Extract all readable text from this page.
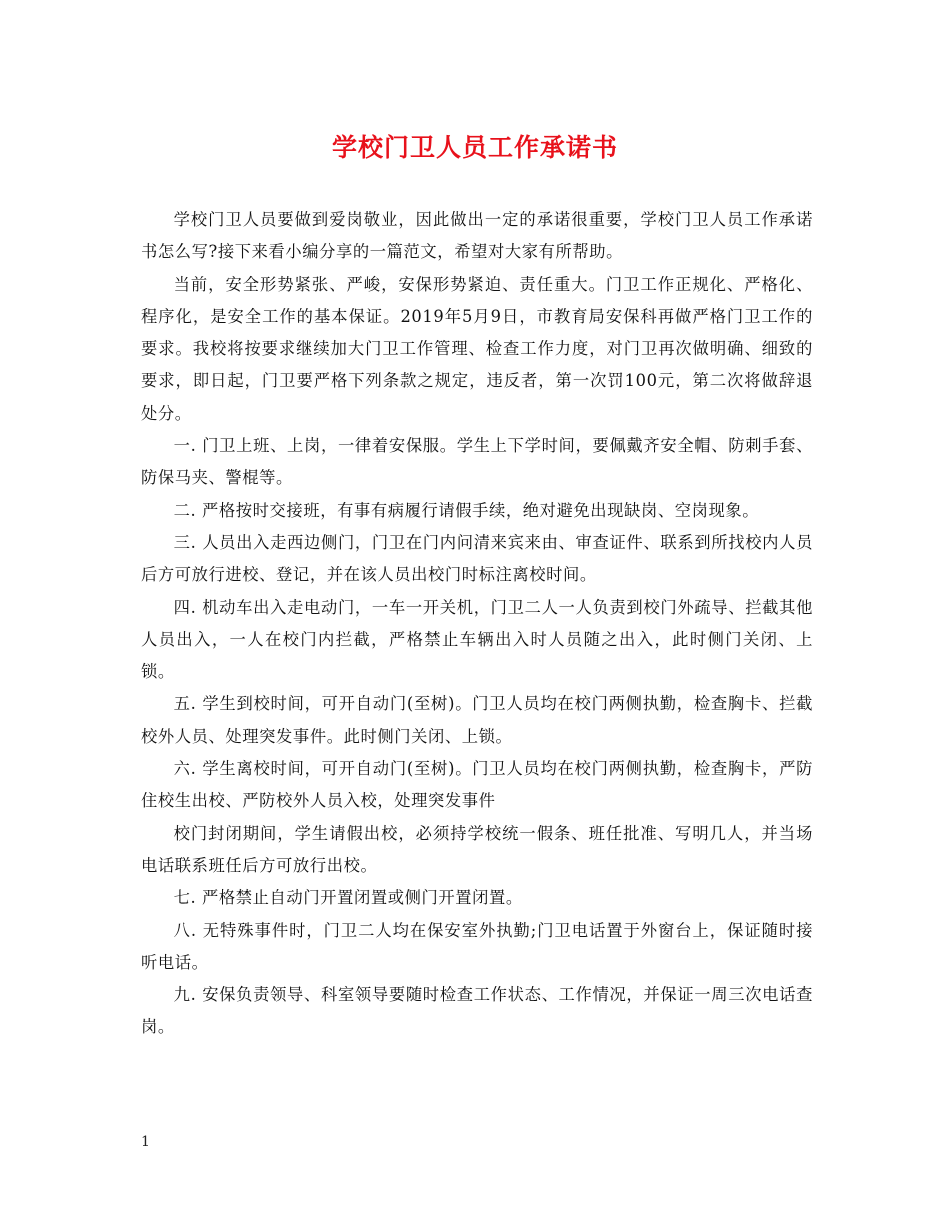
学校门卫人员工作承诺书

学校门卫人员要做到爱岗敬业，因此做出一定的承诺很重要，学校门卫人员工作承诺书怎么写?接下来看小编分享的一篇范文，希望对大家有所帮助。

当前，安全形势紧张、严峻，安保形势紧迫、责任重大。门卫工作正规化、严格化、程序化，是安全工作的基本保证。2019年5月9日，市教育局安保科再做严格门卫工作的要求。我校将按要求继续加大门卫工作管理、检查工作力度，对门卫再次做明确、细致的要求，即日起，门卫要严格下列条款之规定，违反者，第一次罚100元，第二次将做辞退处分。

一. 门卫上班、上岗，一律着安保服。学生上下学时间，要佩戴齐安全帽、防刺手套、防保马夹、警棍等。

二. 严格按时交接班，有事有病履行请假手续，绝对避免出现缺岗、空岗现象。

三. 人员出入走西边侧门，门卫在门内问清来宾来由、审查证件、联系到所找校内人员后方可放行进校、登记，并在该人员出校门时标注离校时间。

四. 机动车出入走电动门，一车一开关机，门卫二人一人负责到校门外疏导、拦截其他人员出入，一人在校门内拦截，严格禁止车辆出入时人员随之出入，此时侧门关闭、上锁。

五. 学生到校时间，可开自动门(至树)。门卫人员均在校门两侧执勤，检查胸卡、拦截校外人员、处理突发事件。此时侧门关闭、上锁。

六. 学生离校时间，可开自动门(至树)。门卫人员均在校门两侧执勤，检查胸卡，严防住校生出校、严防校外人员入校，处理突发事件

校门封闭期间，学生请假出校，必须持学校统一假条、班任批准、写明几人，并当场电话联系班任后方可放行出校。

七. 严格禁止自动门开置闭置或侧门开置闭置。

八. 无特殊事件时，门卫二人均在保安室外执勤;门卫电话置于外窗台上，保证随时接听电话。

九. 安保负责领导、科室领导要随时检查工作状态、工作情况，并保证一周三次电话查岗。

1
